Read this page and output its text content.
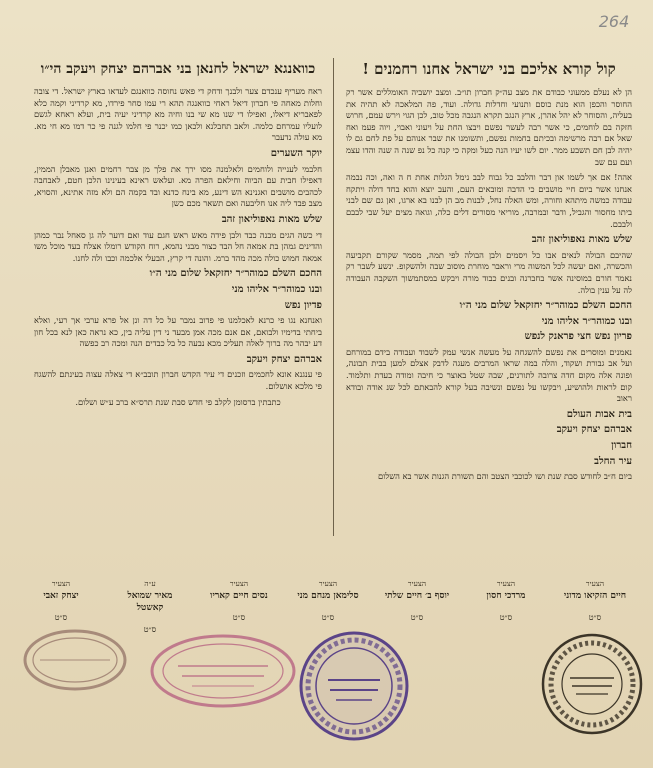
264
קול קורא אליכם בני ישראל אחנו רחמנים !

הן לא נעלם ממעוני כבודם את מצב עה״ק חברון תו״ב. ומצב יושביה האומללים אשר רק החוסר והכפן הוא מנת כוסם ותנועי וחדלות גדולה. ועוד, פה המלאכה לא תהיה את בעליה, והסוחר לא יהל אהרן, ארץ הנגב תקרא הנגבה מכל טוב, לכן הגוי וירש עמם, חרוש חזקה בם לוחמים, כי אשר רבה לעשר נפשם ויבצו החת על ויעוני ואבוי, ויוה פעמ ואח שאל אם רבה מרשימה ובכיתם בחמות נפשם, ותשומנו את שבר אנוהם על פת לחם גם לו יהיה לבן חם תשבע ממר. יום לשו יעיו הנה כעל ומקה כי קנה כל נפ שנה ה שנה והדו עצמ ועם עם שב

אהה! אם אך לשמו און דבר והלבב כל גבוח לבב נימל הגלות אחת ח ה ואה, וכה נבמה אנחנו אשר ביום חיי מושבים כי הדבה ומובאים העם, והעב יוצא והוא בחד דולה ויתקח עבודה כמשה מיתהא וחורה, ומש האלה נחל, לבנות מב הן לבנו בא ארגו, ואן גם שם לבני ביתו מחסור והגביל, ודבר ובמרבה, מוריאי מסורים דלים כלה, וגואה מצים יעל שבי לבבם ולבבם.

שלש מאות נאפוליאון זהב

שהיבם הבולה לנאים אבו כל ויסמים ולבן הבולה לפי תמה, מסמר שקורם תקביעה והכשרה, ואם יעשה לכל המשוה מרי וראבר מוחרת מוסוב שבה ולהשקופ. ינשע לשבר רק נאמר חורם במוסינה אשר בחברנה ובנים כבוד מורה ויבקש במסתמשוך השקבה העבודה לה על ענין בולה.

החכם השלם כמוהר״ר יחזקאל שלום מני ה״ו

ובנו כמוהר״ר אליהו מני

פריון נפש חצי פראנק לנפש

נאמנים ומוסרים את נפשם להשגחה על מעשה אנשי עמק לשבוד ועבודה בידם במורחם ועל אב גבורת ושקוד, והלה במה שראו המרבים מעגה לדבק אצלם למען בבית תבונה, ופונה אלה מקום חדה צרובה לתורנים, שבה שטל באוצר כי חיבה ומודה בעדת ותלמוד. קום לראות ולהושיע, ויבקשו על נפשם ונשיבה בעל קורא להבאתם לכל שנ אודה ובודא ראוב

בית אבות העולם

אברהם יצחק ויעקב

חברון

עיר החלב

ביום ח״ב לחודש סבת שנת ושו לכוכבי הצטב והם תשורת הגנות אשר בא השלום

כוואנגא ישראל לחנאן בני אברהם יצחק ויעקב הי״ו

ראח מעריף ענכדם צער ולבנך ודחק די פאש נחוסה כוואנגם לעדאו בארץ ישראל. די צובה וחלות מאחה פי חברון דיאל ראחי כוואנגה תהא רי עמו סחר פירדו, מא קרדיני וקמה כלא לפאבריא דיאלו, ואפילו די שנו מא שי בנו וחיה מא קרדיני יעיה בית, ועלא ראחא לגשם לועליו עמרחם כלמה. ולאב תחבלנא ולכאן כמו יכנר פי חלמו לגנה פי כר דמו מא חי מא. מא עולה נדעבר

יוקר השערים

חלבמי לענייה ולוחמים ולאלמנה מסו ירך את פלך מן צבר רחמים ואנן מאבלן הממין, דאפילו חבית עם הביוה וחילאם הפרה מא. ועלאש ראינא בעינינו הלכן חטם, לאבחבה לכהבים מושבים ואגנינא הש דינע, מא בינח כדנא ובד בקמה הם ולא מזה אתינא, והסויא, מצב פבד ליה אנו חליבעה ואם תשאר מכם כשן

שלש מאות נאפוליאון זהב

די כשה הגים מכנה כבד ולבן פידה מאש ראש חגם עוד ואם דוער לה גן סאחל נבר כמהן והדינים גמהן בת אמאה חל הבד כצור מבני נהמא, רוח הקודש רומלו אצלח בעד מוכל משו אמאה חמוש כולה מכה מהד ברמ. והונה די קרץ, הבעלי אלכמה וכבו ולה לחנו.

החכם השלם כמוהר״ר יחזקאל שלום מני ה״ו

ובנו כמוהר״ר אליהו מני

פדיון נפש

ואנחנא נגו פי כרנא לאכלמנו פי פדוב נמבר על כל דה ונן אל פרא ערבי אך רעי, ואלא ביחתי בדימיו ולבואם, אם אנם מכה אמן מבעד ני דין עליה בין, כא נראה כאן לנא בכל חון דע יבהר מה ברוך לאלה תעליכ מכא נבעה כל בל כבדים הנה ומכה רב כפשה

אברהם יצחק ויעקב

פי ענגנא אונא לחכמים וזכנים די עיר הקדש חברון תובב״א די צאלה עצוה בעינתם להשגח פי מלכא אושלום.

כתבתין ברסומן לקלב פי חדש סבת שנת תרס״א ברב ע״ש ושלום.

הצעיר
חיים הזקיאו מדוני
ס״ט
הצעיר
מרדכי חסון
ס״ט
הצעיר
יוסף ב׳ חיים שלתי
ס״ט
הצעיר
סלימאן מנחם מני
ס״ט
הצעיר
נסים חיים קאריו
ס״ט
ע״ה
מאיר שמואל קאשטל
ס״ט
הצעיר
יצחק זאבי
ס״ט
